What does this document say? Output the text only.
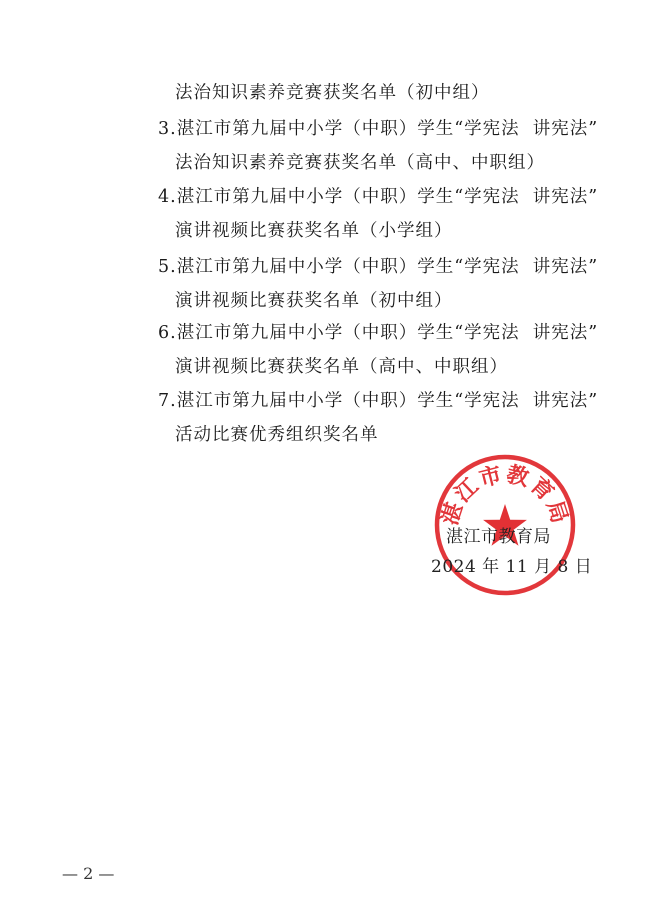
法治知识素养竞赛获奖名单（初中组）
3.湛江市第九届中小学（中职）学生“学宪法  讲宪法”
法治知识素养竞赛获奖名单（高中、中职组）
4.湛江市第九届中小学（中职）学生“学宪法  讲宪法”
演讲视频比赛获奖名单（小学组）
5.湛江市第九届中小学（中职）学生“学宪法  讲宪法”
演讲视频比赛获奖名单（初中组）
6.湛江市第九届中小学（中职）学生“学宪法  讲宪法”
演讲视频比赛获奖名单（高中、中职组）
7.湛江市第九届中小学（中职）学生“学宪法  讲宪法”
活动比赛优秀组织奖名单
​
湛江市教育局
湛江市教育局
2024 年 11 月 8 日
— 2 —
